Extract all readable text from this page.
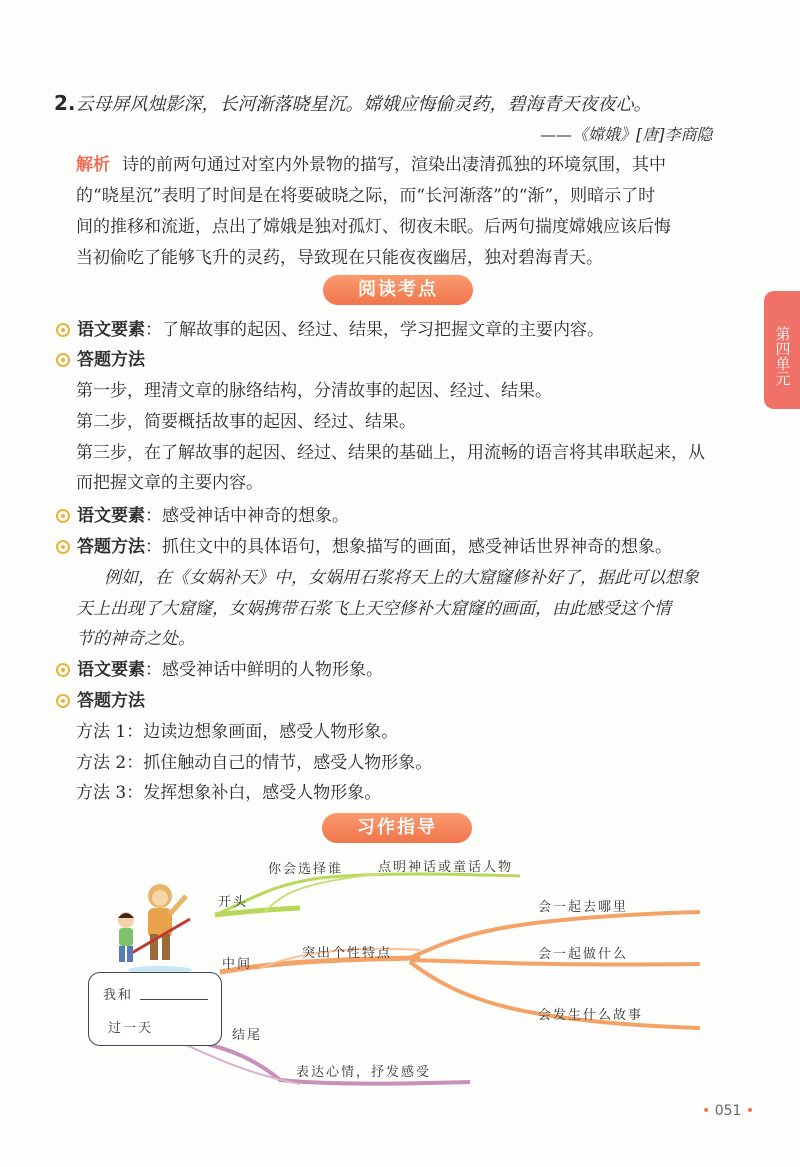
2.云母屏风烛影深，长河渐落晓星沉。嫦娥应悔偷灵药，碧海青天夜夜心。
——《嫦娥》[唐]李商隐
解析 诗的前两句通过对室内外景物的描写，渲染出凄清孤独的环境氛围，其中
的“晓星沉”表明了时间是在将要破晓之际，而“长河渐落”的“渐”，则暗示了时
间的推移和流逝，点出了嫦娥是独对孤灯、彻夜未眠。后两句揣度嫦娥应该后悔
当初偷吃了能够飞升的灵药，导致现在只能夜夜幽居，独对碧海青天。
阅读考点
第四单元
语文要素：了解故事的起因、经过、结果，学习把握文章的主要内容。
答题方法
第一步，理清文章的脉络结构，分清故事的起因、经过、结果。
第二步，简要概括故事的起因、经过、结果。
第三步，在了解故事的起因、经过、结果的基础上，用流畅的语言将其串联起来，从
而把握文章的主要内容。
语文要素：感受神话中神奇的想象。
答题方法：抓住文中的具体语句，想象描写的画面，感受神话世界神奇的想象。
例如，在《女娲补天》中，女娲用石浆将天上的大窟窿修补好了，据此可以想象
天上出现了大窟窿，女娲携带石浆飞上天空修补大窟窿的画面，由此感受这个情
节的神奇之处。
语文要素：感受神话中鲜明的人物形象。
答题方法
方法 1：边读边想象画面，感受人物形象。
方法 2：抓住触动自己的情节，感受人物形象。
方法 3：发挥想象补白，感受人物形象。
习作指导
我和
过一天
开头
你会选择谁	点明神话或童话人物
中间
突出个性特点
会一起去哪里
会一起做什么
会发生什么故事
结尾
表达心情，抒发感受
• 051 •
